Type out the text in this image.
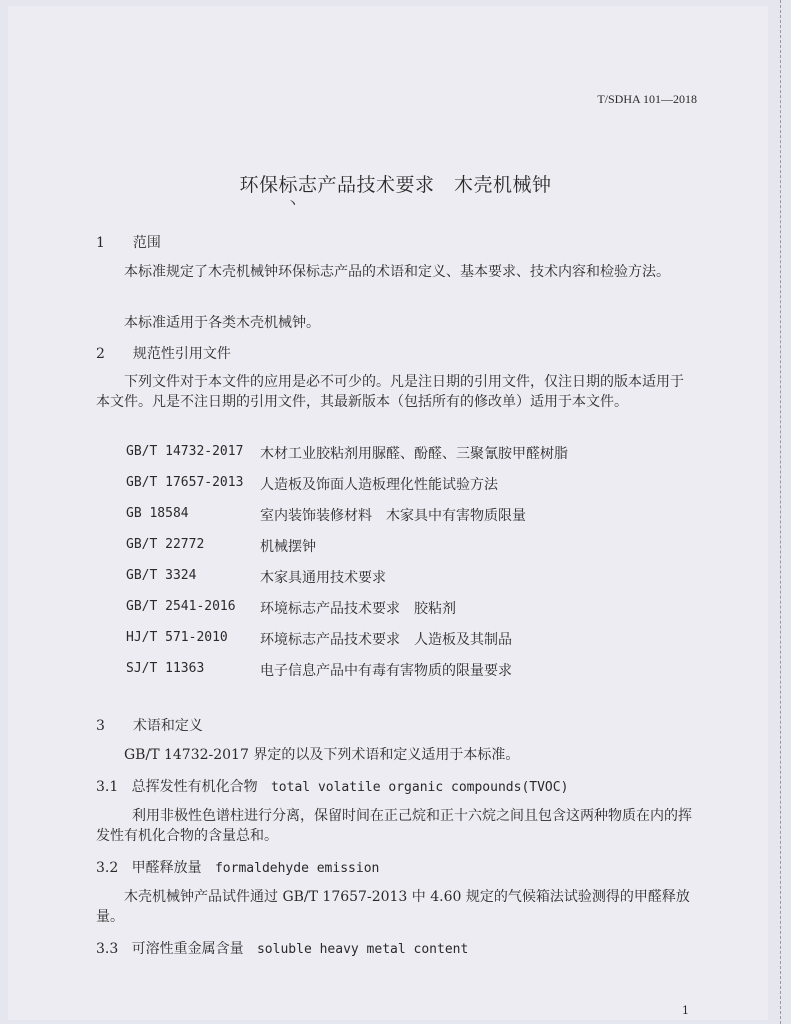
T/SDHA 101—2018
环保标志产品技术要求　木壳机械钟
丶
1　　范围
本标准规定了木壳机械钟环保标志产品的术语和定义、基本要求、技术内容和检验方法。
本标准适用于各类木壳机械钟。
2　　规范性引用文件
下列文件对于本文件的应用是必不可少的。凡是注日期的引用文件，仅注日期的版本适用于本文件。凡是不注日期的引用文件，其最新版本（包括所有的修改单）适用于本文件。
GB/T 14732-2017 木材工业胶粘剂用脲醛、酚醛、三聚氰胺甲醛树脂
GB/T 17657-2013 人造板及饰面人造板理化性能试验方法
GB 18584	室内装饰装修材料　木家具中有害物质限量
GB/T 22772	机械摆钟
GB/T 3324	木家具通用技术要求
GB/T 2541-2016 环境标志产品技术要求　胶粘剂
HJ/T 571-2010 环境标志产品技术要求　人造板及其制品
SJ/T 11363	电子信息产品中有毒有害物质的限量要求
3　　术语和定义
GB/T 14732-2017 界定的以及下列术语和定义适用于本标准。
3.1 总挥发性有机化合物 total volatile organic compounds(TVOC)
利用非极性色谱柱进行分离，保留时间在正己烷和正十六烷之间且包含这两种物质在内的挥发性有机化合物的含量总和。
3.2 甲醛释放量 formaldehyde emission
木壳机械钟产品试件通过 GB/T 17657-2013 中 4.60 规定的气候箱法试验测得的甲醛释放量。
3.3 可溶性重金属含量 soluble heavy metal content
1
